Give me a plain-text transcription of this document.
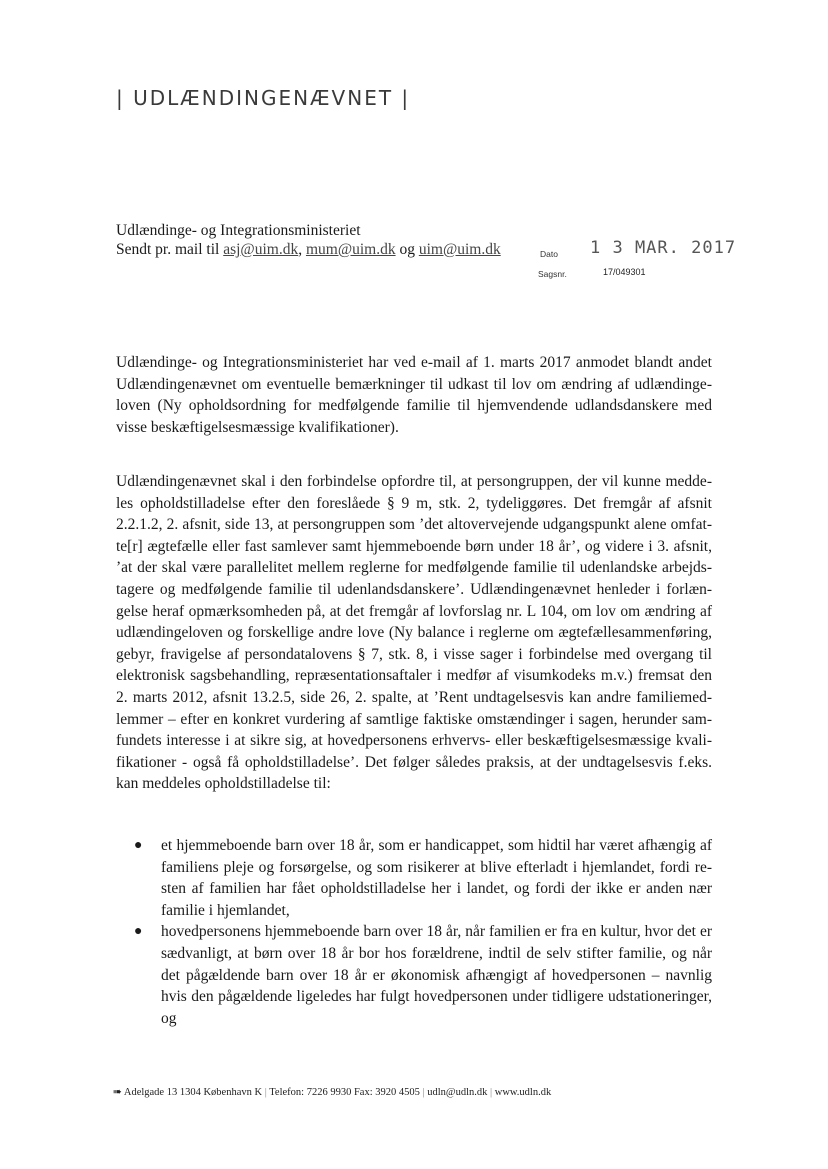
| UDLÆNDINGENÆVNET |
Udlændinge- og Integrationsministeriet
Sendt pr. mail til asj@uim.dk, mum@uim.dk og uim@uim.dk	Dato 1 3 MAR. 2017
Sagsnr.	17/049301
Udlændinge- og Integrationsministeriet har ved e-mail af 1. marts 2017 anmodet blandt andet Udlændingenævnet om eventuelle bemærkninger til udkast til lov om ændring af udlændingeloven (Ny opholdsordning for medfølgende familie til hjemvendende udlandsdanskere med visse beskæftigelsesmæssige kvalifikationer).
Udlændingenævnet skal i den forbindelse opfordre til, at persongruppen, der vil kunne meddeles opholdstilladelse efter den foreslåede § 9 m, stk. 2, tydeliggøres. Det fremgår af afsnit 2.2.1.2, 2. afsnit, side 13, at persongruppen som ’det altovervejende udgangspunkt alene omfatte[r] ægtefælle eller fast samlever samt hjemmeboende børn under 18 år’, og videre i 3. afsnit, ’at der skal være parallelitet mellem reglerne for medfølgende familie til udenlandske arbejdstagere og medfølgende familie til udenlandsdanskere’. Udlændingenævnet henleder i forlængelse heraf opmærksomheden på, at det fremgår af lovforslag nr. L 104, om lov om ændring af udlændingeloven og forskellige andre love (Ny balance i reglerne om ægtefællesammenføring, gebyr, fravigelse af persondatalovens § 7, stk. 8, i visse sager i forbindelse med overgang til elektronisk sagsbehandling, repræsentationsaftaler i medfør af visumkodeks m.v.) fremsat den 2. marts 2012, afsnit 13.2.5, side 26, 2. spalte, at ’Rent undtagelsesvis kan andre familiemedlemmer – efter en konkret vurdering af samtlige faktiske omstændinger i sagen, herunder samfundets interesse i at sikre sig, at hovedpersonens erhvervs- eller beskæftigelsesmæssige kvalifikationer - også få opholdstilladelse’. Det følger således praksis, at der undtagelsesvis f.eks. kan meddeles opholdstilladelse til:
● et hjemmeboende barn over 18 år, som er handicappet, som hidtil har været afhængig af familiens pleje og forsørgelse, og som risikerer at blive efterladt i hjemlandet, fordi resten af familien har fået opholdstilladelse her i landet, og fordi der ikke er anden nær familie i hjemlandet,
● hovedpersonens hjemmeboende barn over 18 år, når familien er fra en kultur, hvor det er sædvanligt, at børn over 18 år bor hos forældrene, indtil de selv stifter familie, og når det pågældende barn over 18 år er økonomisk afhængigt af hovedpersonen – navnlig hvis den pågældende ligeledes har fulgt hovedpersonen under tidligere udstationeringer, og
➠ Adelgade 13 1304 København K | Telefon: 7226 9930 Fax: 3920 4505 | udln@udln.dk | www.udln.dk
